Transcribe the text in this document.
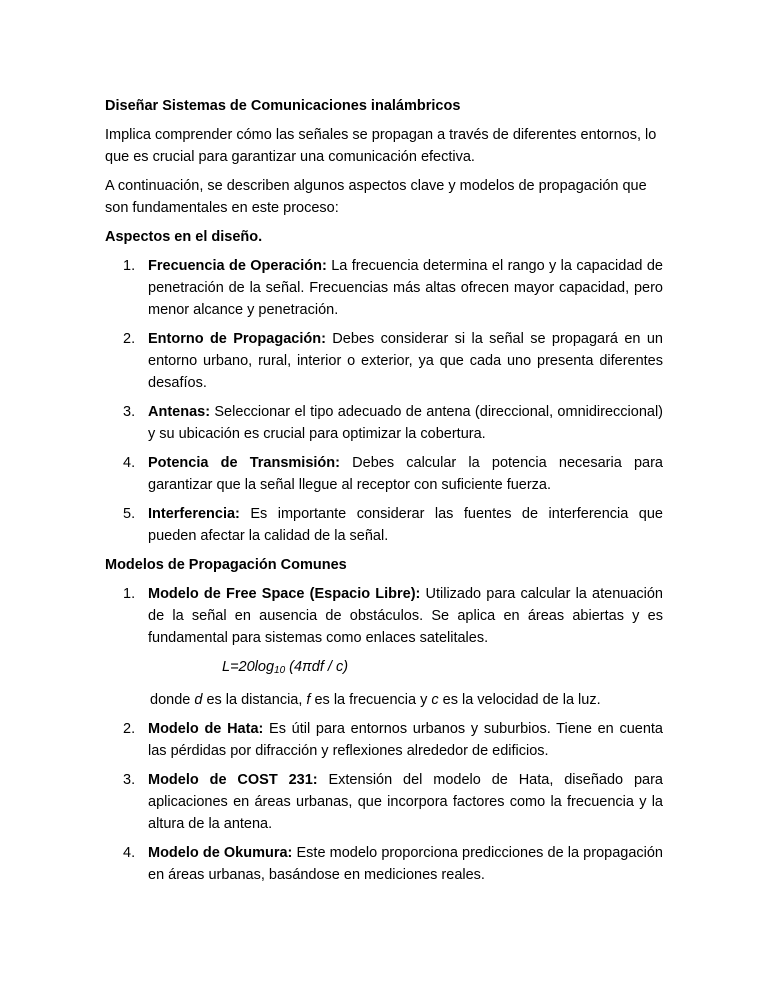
Diseñar Sistemas de Comunicaciones inalámbricos

Implica comprender cómo las señales se propagan a través de diferentes entornos, lo que es crucial para garantizar una comunicación efectiva.

A continuación, se describen algunos aspectos clave y modelos de propagación que son fundamentales en este proceso:

Aspectos en el diseño.

1. Frecuencia de Operación: La frecuencia determina el rango y la capacidad de penetración de la señal. Frecuencias más altas ofrecen mayor capacidad, pero menor alcance y penetración.

2. Entorno de Propagación: Debes considerar si la señal se propagará en un entorno urbano, rural, interior o exterior, ya que cada uno presenta diferentes desafíos.

3. Antenas: Seleccionar el tipo adecuado de antena (direccional, omnidireccional) y su ubicación es crucial para optimizar la cobertura.

4. Potencia de Transmisión: Debes calcular la potencia necesaria para garantizar que la señal llegue al receptor con suficiente fuerza.

5. Interferencia: Es importante considerar las fuentes de interferencia que pueden afectar la calidad de la señal.

Modelos de Propagación Comunes

1. Modelo de Free Space (Espacio Libre): Utilizado para calcular la atenuación de la señal en ausencia de obstáculos. Se aplica en áreas abiertas y es fundamental para sistemas como enlaces satelitales.

$L=20\log_{10}$ (4πdf / c)

donde d es la distancia, f es la frecuencia y c es la velocidad de la luz.

2. Modelo de Hata: Es útil para entornos urbanos y suburbios. Tiene en cuenta las pérdidas por difracción y reflexiones alrededor de edificios.

3. Modelo de COST 231: Extensión del modelo de Hata, diseñado para aplicaciones en áreas urbanas, que incorpora factores como la frecuencia y la altura de la antena.

4. Modelo de Okumura: Este modelo proporciona predicciones de la propagación en áreas urbanas, basándose en mediciones reales.
